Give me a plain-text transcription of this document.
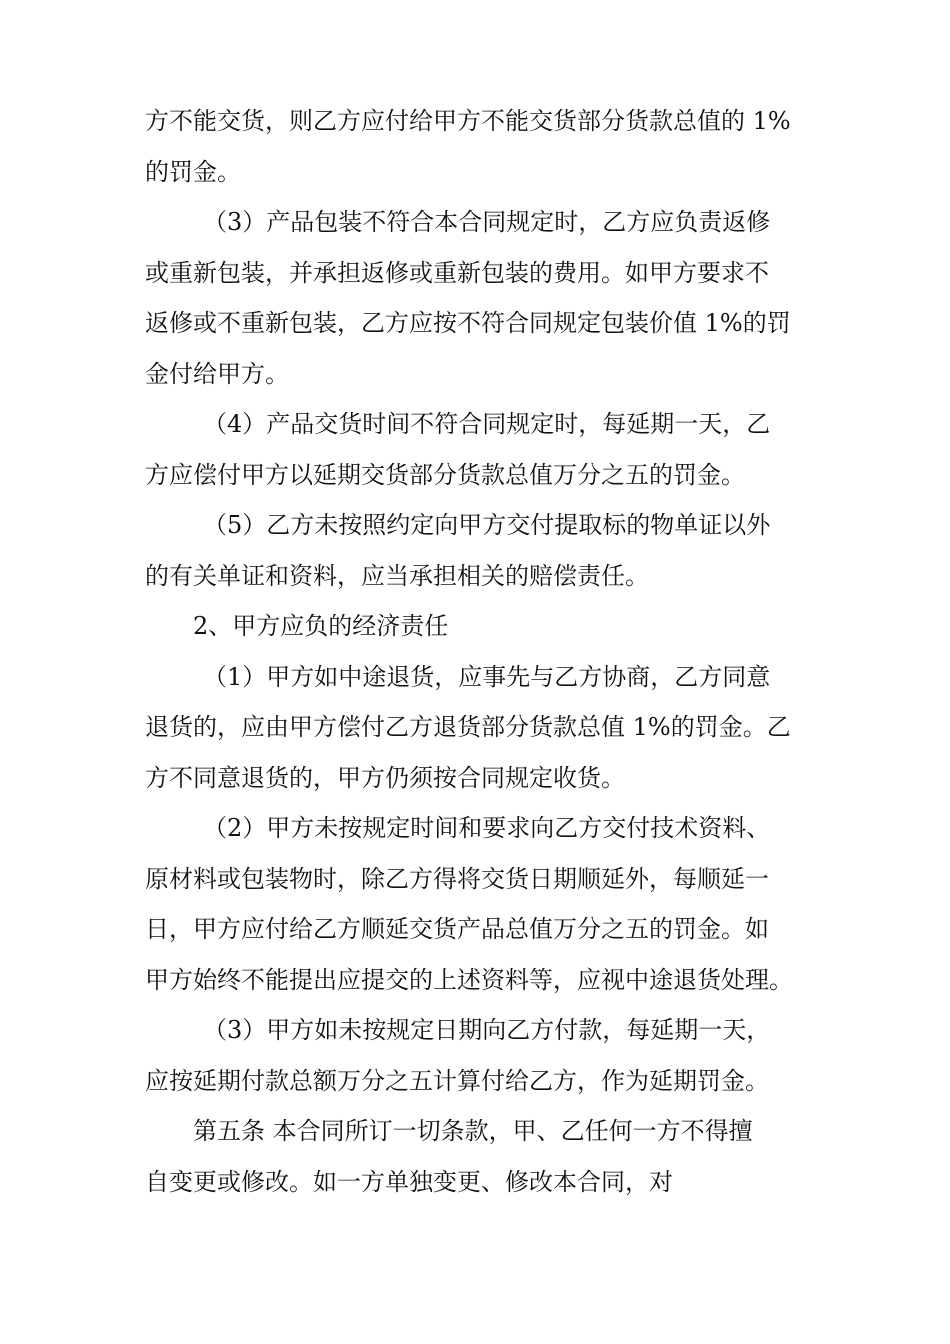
方不能交货，则乙方应付给甲方不能交货部分货款总值的 1%
的罚金。
（3）产品包装不符合本合同规定时，乙方应负责返修
或重新包装，并承担返修或重新包装的费用。如甲方要求不
返修或不重新包装，乙方应按不符合同规定包装价值 1%的罚
金付给甲方。
（4）产品交货时间不符合同规定时，每延期一天，乙
方应偿付甲方以延期交货部分货款总值万分之五的罚金。
（5）乙方未按照约定向甲方交付提取标的物单证以外
的有关单证和资料，应当承担相关的赔偿责任。
2、甲方应负的经济责任
（1）甲方如中途退货，应事先与乙方协商，乙方同意
退货的，应由甲方偿付乙方退货部分货款总值 1%的罚金。乙
方不同意退货的，甲方仍须按合同规定收货。
（2）甲方未按规定时间和要求向乙方交付技术资料、
原材料或包装物时，除乙方得将交货日期顺延外，每顺延一
日，甲方应付给乙方顺延交货产品总值万分之五的罚金。如
甲方始终不能提出应提交的上述资料等，应视中途退货处理。
（3）甲方如未按规定日期向乙方付款，每延期一天，
应按延期付款总额万分之五计算付给乙方，作为延期罚金。
第五条 本合同所订一切条款，甲、乙任何一方不得擅
自变更或修改。如一方单独变更、修改本合同，对
